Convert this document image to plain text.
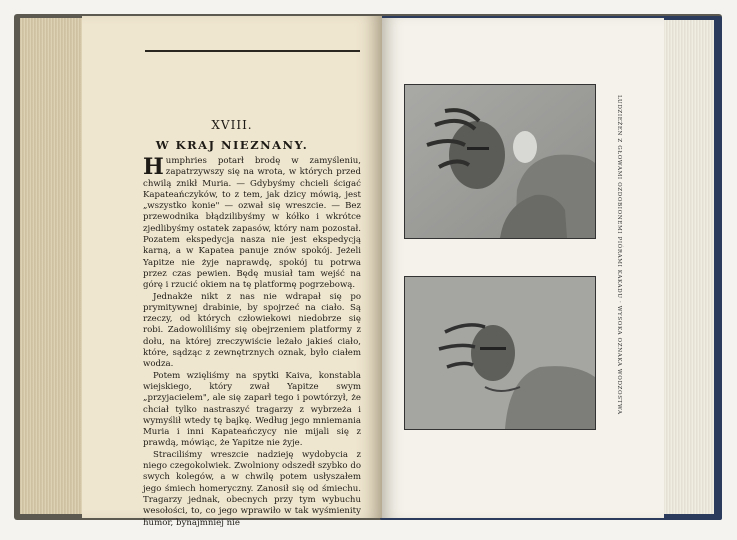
XVIII.
W KRAJ NIEZNANY.

Humphries potarł brodę w zamyśleniu, zapatrzywszy się na wrota, w których przed chwilą znikł Muria. — Gdybyśmy chcieli ścigać Kapateańczyków, to z tem, jak dzicy mówią, jest „wszystko konie" — ozwał się wreszcie. — Bez przewodnika błądzilibyśmy w kółko i wkrótce zjedlibyśmy ostatek zapasów, który nam pozostał. Pozatem ekspedycja nasza nie jest ekspedycją karną, a w Kapatea panuje znów spokój. Jeżeli Yapitze nie żyje naprawdę, spokój tu potrwa przez czas pewien. Będę musiał tam wejść na górę i rzucić okiem na tę platformę pogrzebową.

Jednakże nikt z nas nie wdrapał się po prymitywnej drabinie, by spojrzeć na ciało. Są rzeczy, od których człowiekowi niedobrze się robi. Zadowoliliśmy się obejrzeniem platformy z dołu, na której zreczywiście leżało jakieś ciało, które, sądząc z zewnętrznych oznak, było ciałem wodza.

Potem wzięliśmy na spytki Kaiva, konstabla wiejskiego, który zwał Yapitze swym „przyjacielem", ale się zaparł tego i powtórzył, że chciał tylko nastraszyć tragarzy z wybrzeża i wymyślił wtedy tę bajkę. Według jego mniemania Muria i inni Kapateańczycy nie mijali się z prawdą, mówiąc, że Yapitze nie żyje.

Straciliśmy wreszcie nadzieję wydobycia z niego czegokolwiek. Zwolniony odszedł szybko do swych kolegów, a w chwilę potem usłyszałem jego śmiech homeryczny. Zanosił się od śmiechu. Tragarzy jednak, obecnych przy tym wybuchu wesołości, to, co jego wprawiło w tak wyśmienity humor, bynajmniej nie

LUDZIEŻEN Z GŁOWAMI OZDOBIONEMI PIÓRAMI KAKADU · WYSOKA OZNAKA WODZOSTWA
